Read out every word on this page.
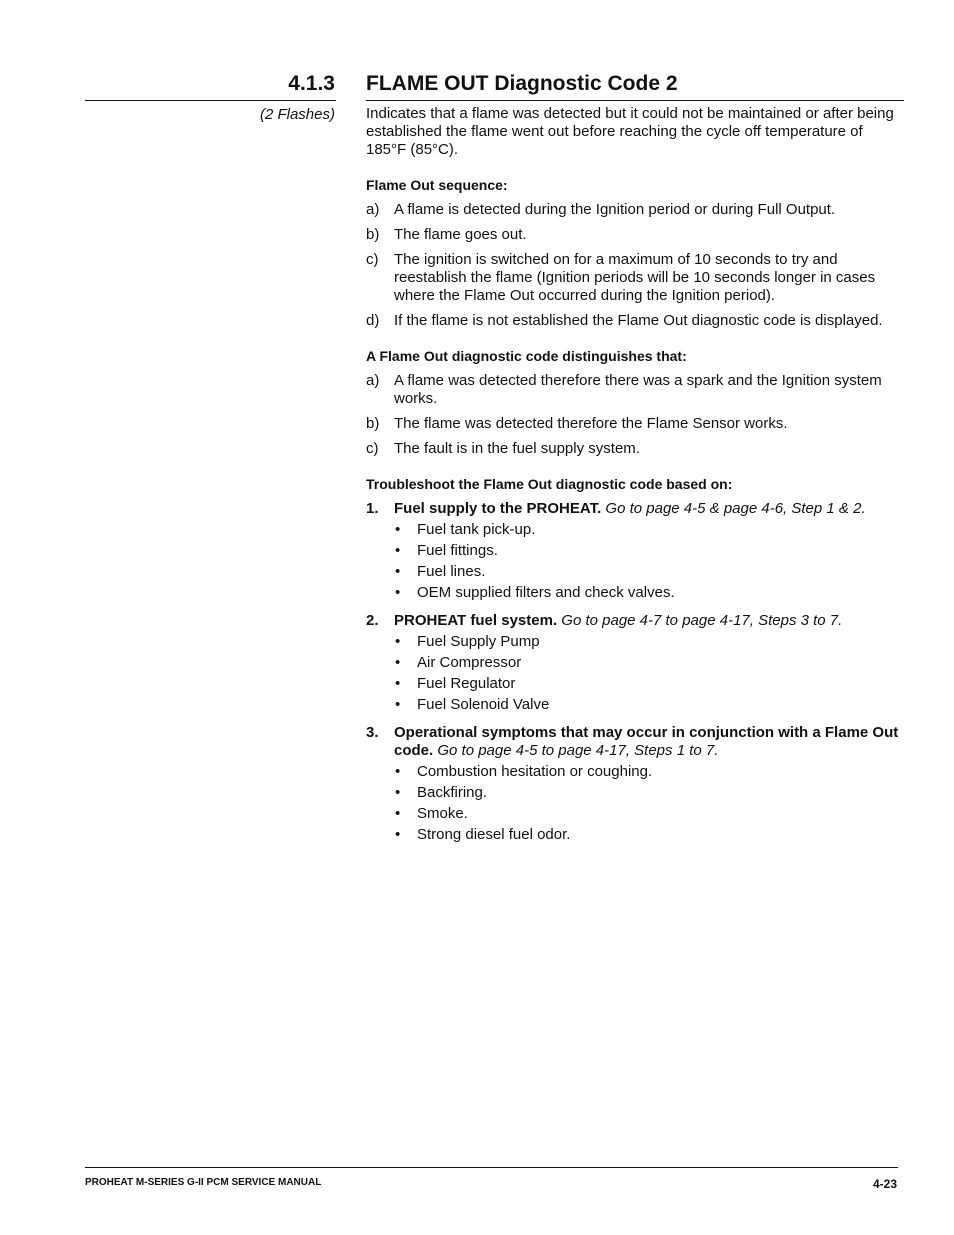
4.1.3 FLAME OUT Diagnostic Code 2
(2 Flashes) Indicates that a flame was detected but it could not be maintained or after being established the flame went out before reaching the cycle off temperature of 185°F (85°C).

Flame Out sequence:
a) A flame is detected during the Ignition period or during Full Output.
b) The flame goes out.
c) The ignition is switched on for a maximum of 10 seconds to try and reestablish the flame (Ignition periods will be 10 seconds longer in cases where the Flame Out occurred during the Ignition period).
d) If the flame is not established the Flame Out diagnostic code is displayed.
A Flame Out diagnostic code distinguishes that:
a) A flame was detected therefore there was a spark and the Ignition system works.
b) The flame was detected therefore the Flame Sensor works.
c) The fault is in the fuel supply system.
Troubleshoot the Flame Out diagnostic code based on:
1. Fuel supply to the PROHEAT. Go to page 4-5 & page 4-6, Step 1 & 2.
• Fuel tank pick-up.
• Fuel fittings.
• Fuel lines.
• OEM supplied filters and check valves.
2. PROHEAT fuel system. Go to page 4-7 to page 4-17, Steps 3 to 7.
• Fuel Supply Pump
• Air Compressor
• Fuel Regulator
• Fuel Solenoid Valve
3. Operational symptoms that may occur in conjunction with a Flame Out code. Go to page 4-5 to page 4-17, Steps 1 to 7.
• Combustion hesitation or coughing.
• Backfiring.
• Smoke.
• Strong diesel fuel odor.
PROHEAT M-SERIES G-II PCM SERVICE MANUAL	4-23
